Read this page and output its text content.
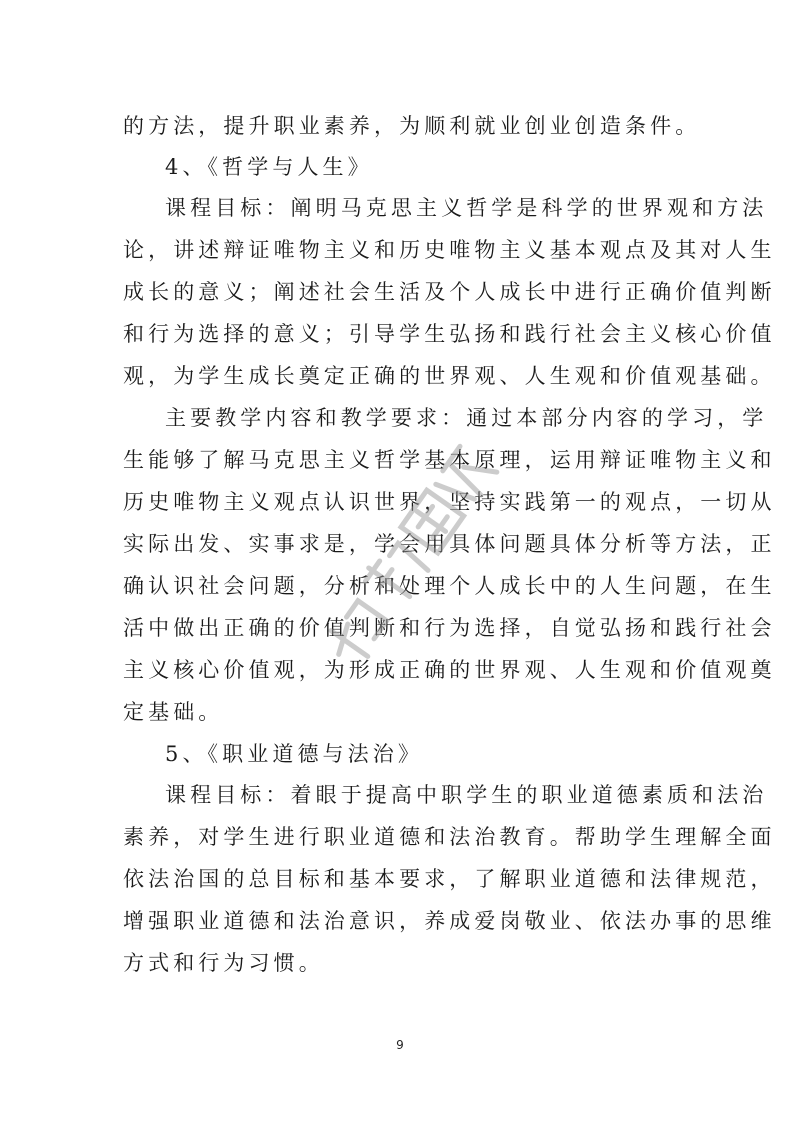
的方法，提升职业素养，为顺利就业创业创造条件。
4、《哲学与人生》
课程目标：阐明马克思主义哲学是科学的世界观和方法
论，讲述辩证唯物主义和历史唯物主义基本观点及其对人生
成长的意义；阐述社会生活及个人成长中进行正确价值判断
和行为选择的意义；引导学生弘扬和践行社会主义核心价值
观，为学生成长奠定正确的世界观、人生观和价值观基础。
主要教学内容和教学要求：通过本部分内容的学习，学
生能够了解马克思主义哲学基本原理，运用辩证唯物主义和
历史唯物主义观点认识世界，坚持实践第一的观点，一切从
实际出发、实事求是，学会用具体问题具体分析等方法，正
确认识社会问题，分析和处理个人成长中的人生问题，在生
活中做出正确的价值判断和行为选择，自觉弘扬和践行社会
主义核心价值观，为形成正确的世界观、人生观和价值观奠
定基础。
5、《职业道德与法治》
课程目标：着眼于提高中职学生的职业道德素质和法治
素养，对学生进行职业道德和法治教育。帮助学生理解全面
依法治国的总目标和基本要求，了解职业道德和法律规范，
增强职业道德和法治意识，养成爱岗敬业、依法办事的思维
方式和行为习惯。
9
